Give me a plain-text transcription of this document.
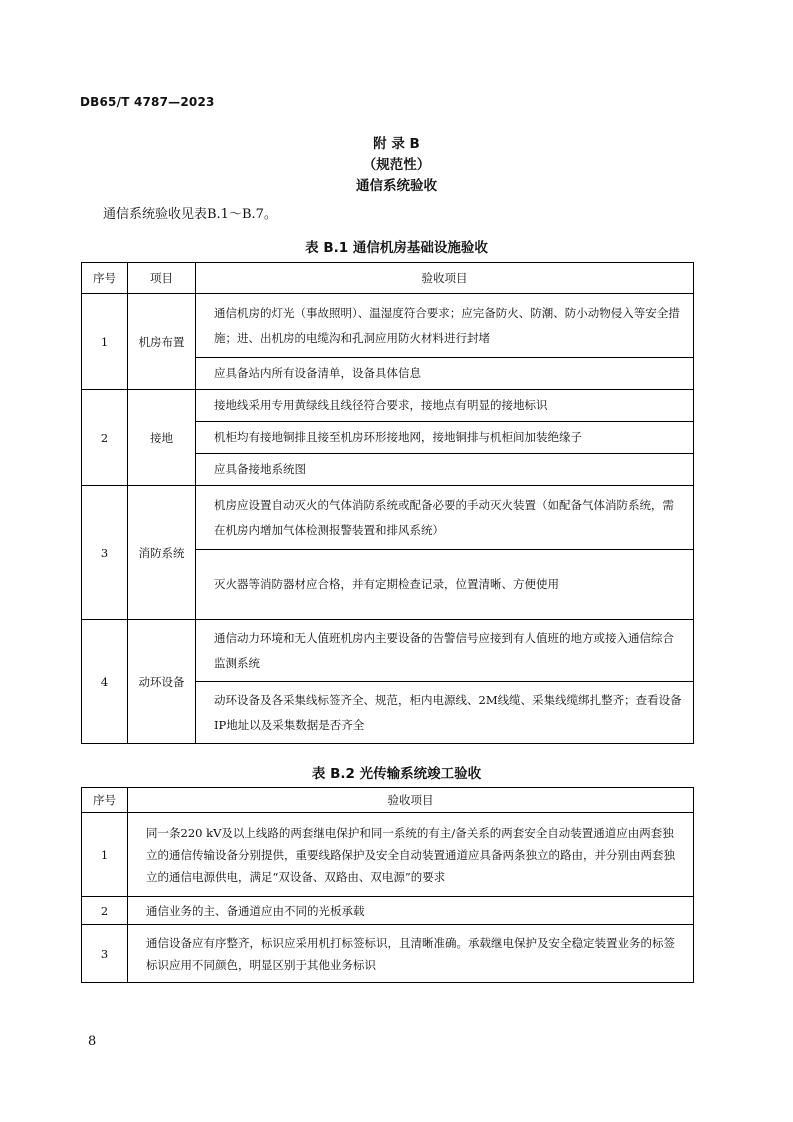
DB65/T 4787—2023
附 录 B
（规范性）
通信系统验收
通信系统验收见表B.1～B.7。
表 B.1 通信机房基础设施验收
序号	项目	验收项目
1	机房布置	通信机房的灯光（事故照明）、温湿度符合要求；应完备防火、防潮、防小动物侵入等安全措施；进、出机房的电缆沟和孔洞应用防火材料进行封堵
		应具备站内所有设备清单，设备具体信息
2	接地	接地线采用专用黄绿线且线径符合要求，接地点有明显的接地标识
		机柜均有接地铜排且接至机房环形接地网，接地铜排与机柜间加装绝缘子
		应具备接地系统图
3	消防系统	机房应设置自动灭火的气体消防系统或配备必要的手动灭火装置（如配备气体消防系统，需在机房内增加气体检测报警装置和排风系统）
		灭火器等消防器材应合格，并有定期检查记录，位置清晰、方便使用
4	动环设备	通信动力环境和无人值班机房内主要设备的告警信号应接到有人值班的地方或接入通信综合监测系统
		动环设备及各采集线标签齐全、规范，柜内电源线、2M线缆、采集线缆绑扎整齐；查看设备IP地址以及采集数据是否齐全
表 B.2 光传输系统竣工验收
序号	验收项目
1	同一条220 kV及以上线路的两套继电保护和同一系统的有主/备关系的两套安全自动装置通道应由两套独立的通信传输设备分别提供，重要线路保护及安全自动装置通道应具备两条独立的路由，并分别由两套独立的通信电源供电，满足“双设备、双路由、双电源”的要求
2	通信业务的主、备通道应由不同的光板承载
3	通信设备应有序整齐，标识应采用机打标签标识，且清晰准确。承载继电保护及安全稳定装置业务的标签标识应用不同颜色，明显区别于其他业务标识
8
